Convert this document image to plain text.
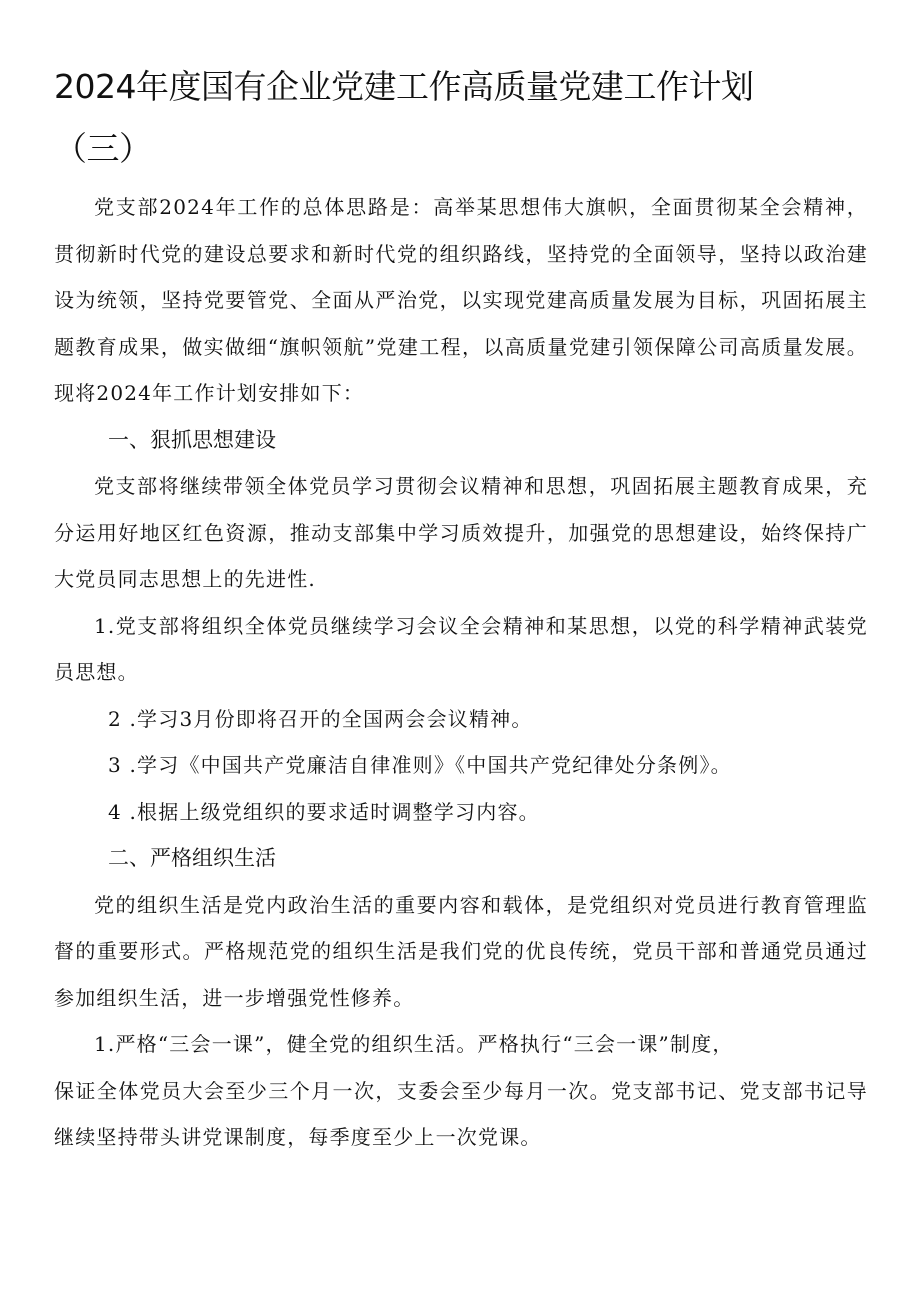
2024年度国有企业党建工作高质量党建工作计划
（三）

党支部2024年工作的总体思路是：高举某思想伟大旗帜，全面贯彻某全会精神，贯彻新时代党的建设总要求和新时代党的组织路线，坚持党的全面领导，坚持以政治建设为统领，坚持党要管党、全面从严治党，以实现党建高质量发展为目标，巩固拓展主题教育成果，做实做细“旗帜领航”党建工程，以高质量党建引领保障公司高质量发展。现将2024年工作计划安排如下：

一、狠抓思想建设

党支部将继续带领全体党员学习贯彻会议精神和思想，巩固拓展主题教育成果，充分运用好地区红色资源，推动支部集中学习质效提升，加强党的思想建设，始终保持广大党员同志思想上的先进性.

1.党支部将组织全体党员继续学习会议全会精神和某思想，以党的科学精神武装党员思想。

2 .学习3月份即将召开的全国两会会议精神。

3 .学习《中国共产党廉洁自律准则》《中国共产党纪律处分条例》。

4 .根据上级党组织的要求适时调整学习内容。

二、严格组织生活

党的组织生活是党内政治生活的重要内容和载体，是党组织对党员进行教育管理监督的重要形式。严格规范党的组织生活是我们党的优良传统，党员干部和普通党员通过参加组织生活，进一步增强党性修养。

1.严格“三会一课”，健全党的组织生活。严格执行“三会一课”制度，

保证全体党员大会至少三个月一次，支委会至少每月一次。党支部书记、党支部书记导继续坚持带头讲党课制度，每季度至少上一次党课。
